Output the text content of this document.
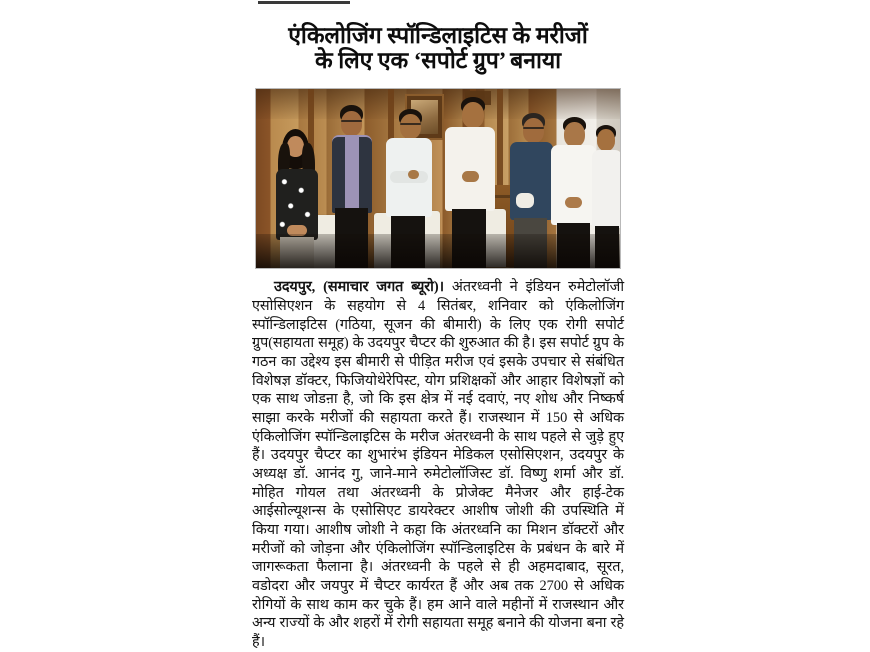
एंकिलोजिंग स्पॉन्डिलाइटिस के मरीजों
के लिए एक ‘सपोर्ट ग्रुप’ बनाया

उदयपुर, (समाचार जगत ब्यूरो)। अंतरध्वनी ने इंडियन रुमेटोलॉजी एसोसिएशन के सहयोग से 4 सितंबर, शनिवार को एंकिलोजिंग स्पॉन्डिलाइटिस (गठिया, सूजन की बीमारी) के लिए एक रोगी सपोर्ट ग्रुप(सहायता समूह) के उदयपुर चैप्टर की शुरुआत की है। इस सपोर्ट ग्रुप के गठन का उद्देश्य इस बीमारी से पीड़ित मरीज एवं इसके उपचार से संबंधित विशेषज्ञ डॉक्टर, फिजियोथेरेपिस्ट, योग प्रशिक्षकों और आहार विशेषज्ञों को एक साथ जोडऩा है, जो कि इस क्षेत्र में नई दवाएं, नए शोध और निष्कर्ष साझा करके मरीजों की सहायता करते हैं। राजस्थान में 150 से अधिक एंकिलोजिंग स्पॉन्डिलाइटिस के मरीज अंतरध्वनी के साथ पहले से जुड़े हुए हैं। उदयपुर चैप्टर का शुभारंभ इंडियन मेडिकल एसोसिएशन, उदयपुर के अध्यक्ष डॉ. आनंद गु, जाने-माने रुमेटोलॉजिस्ट डॉ. विष्णु शर्मा और डॉ. मोहित गोयल तथा अंतरध्वनी के प्रोजेक्ट मैनेजर और हाई-टेक आईसोल्यूशन्स के एसोसिएट डायरेक्टर आशीष जोशी की उपस्थिति में किया गया। आशीष जोशी ने कहा कि अंतरध्वनि का मिशन डॉक्टरों और मरीजों को जोड़ना और एंकिलोजिंग स्पॉन्डिलाइटिस के प्रबंधन के बारे में जागरूकता फैलाना है। अंतरध्वनी के पहले से ही अहमदाबाद, सूरत, वडोदरा और जयपुर में चैप्टर कार्यरत हैं और अब तक 2700 से अधिक रोगियों के साथ काम कर चुके हैं। हम आने वाले महीनों में राजस्थान और अन्य राज्यों के और शहरों में रोगी सहायता समूह बनाने की योजना बना रहे हैं।
